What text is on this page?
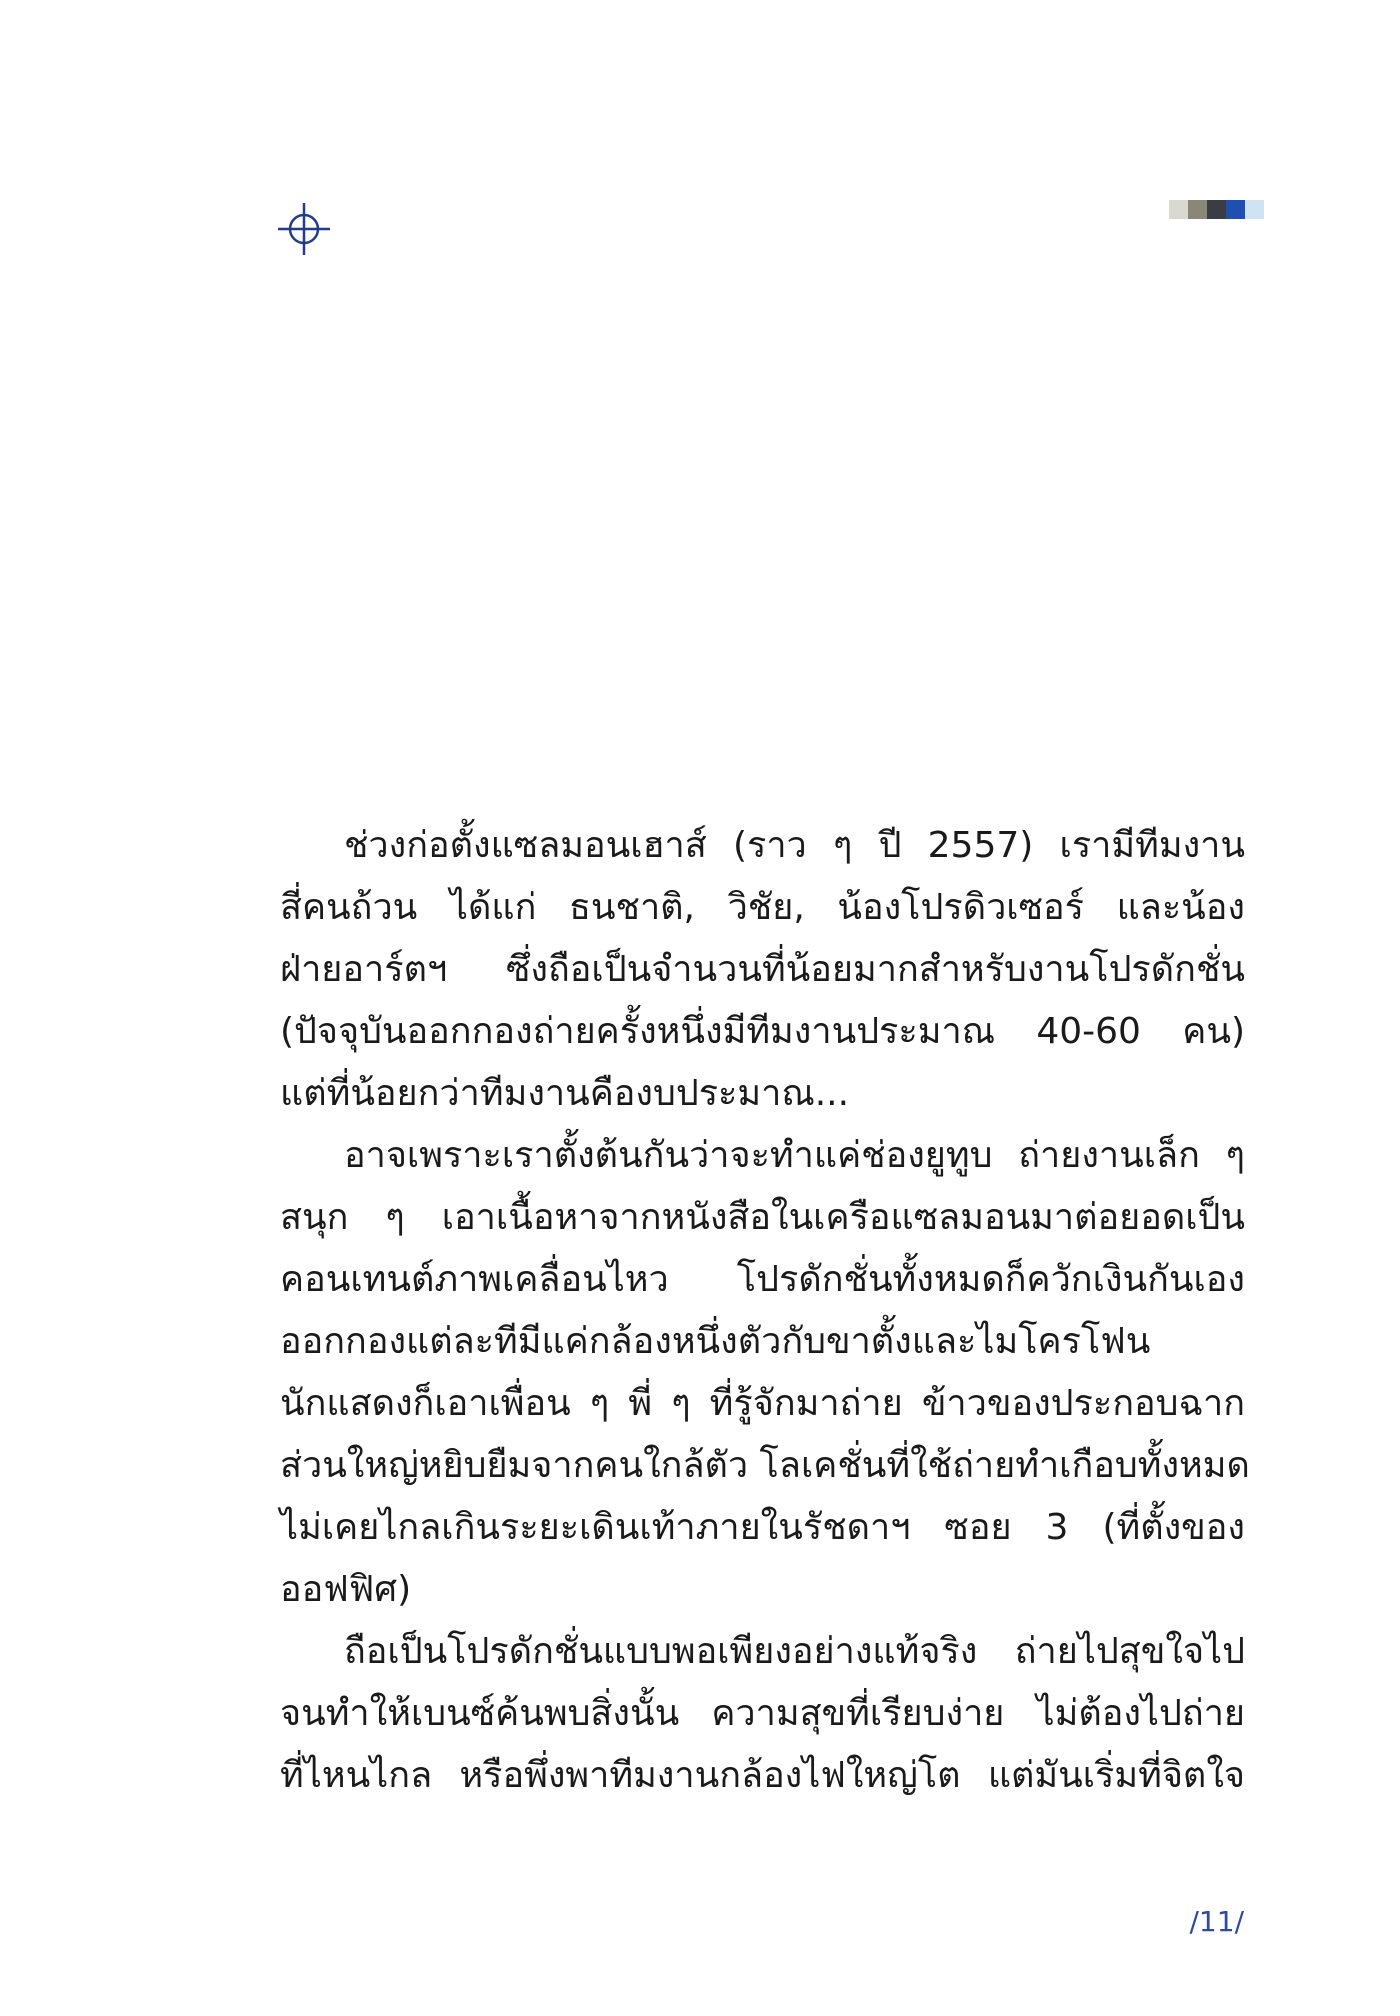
ช่วงก่อตั้งแซลมอนเฮาส์ (ราว ๆ ปี 2557) เรามีทีมงาน
สี่คนถ้วน ได้แก่ ธนชาติ, วิชัย, น้องโปรดิวเซอร์ และน้อง
ฝ่ายอาร์ตฯ ซึ่งถือเป็นจำนวนที่น้อยมากสำหรับงานโปรดักชั่น
(ปัจจุบันออกกองถ่ายครั้งหนึ่งมีทีมงานประมาณ 40-60 คน)
แต่ที่น้อยกว่าทีมงานคืองบประมาณ...
อาจเพราะเราตั้งต้นกันว่าจะทำแค่ช่องยูทูบ ถ่ายงานเล็ก ๆ
สนุก ๆ เอาเนื้อหาจากหนังสือในเครือแซลมอนมาต่อยอดเป็น
คอนเทนต์ภาพเคลื่อนไหว โปรดักชั่นทั้งหมดก็ควักเงินกันเอง
ออกกองแต่ละทีมีแค่กล้องหนึ่งตัวกับขาตั้งและไมโครโฟน
นักแสดงก็เอาเพื่อน ๆ พี่ ๆ ที่รู้จักมาถ่าย ข้าวของประกอบฉาก
ส่วนใหญ่หยิบยืมจากคนใกล้ตัว โลเคชั่นที่ใช้ถ่ายทำเกือบทั้งหมด
ไม่เคยไกลเกินระยะเดินเท้าภายในรัชดาฯ ซอย 3 (ที่ตั้งของ
ออฟฟิศ)
ถือเป็นโปรดักชั่นแบบพอเพียงอย่างแท้จริง ถ่ายไปสุขใจไป
จนทำให้เบนซ์ค้นพบสิ่งนั้น ความสุขที่เรียบง่าย ไม่ต้องไปถ่าย
ที่ไหนไกล หรือพึ่งพาทีมงานกล้องไฟใหญ่โต แต่มันเริ่มที่จิตใจ
/11/
